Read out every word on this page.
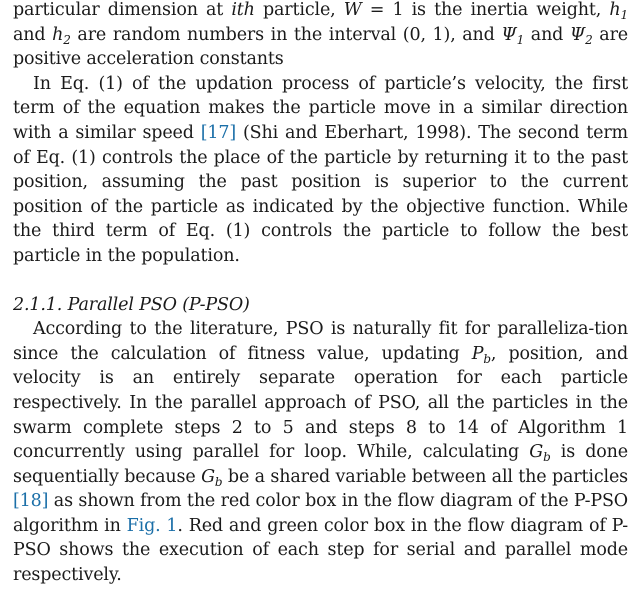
particular dimension at ith particle, W = 1 is the inertia weight, $h_1$ and $h_2$ are random numbers in the interval (0, 1), and $\Psi_1$ and $\Psi_2$ are positive acceleration constants

In Eq. (1) of the updation process of particle’s velocity, the first term of the equation makes the particle move in a similar direction with a similar speed [17] (Shi and Eberhart, 1998). The second term of Eq. (1) controls the place of the particle by returning it to the past position, assuming the past position is superior to the current position of the particle as indicated by the objective function. While the third term of Eq. (1) controls the particle to follow the best particle in the population.

2.1.1. Parallel PSO (P-PSO)

According to the literature, PSO is naturally fit for paralleliza-tion since the calculation of fitness value, updating $P_b$, position, and velocity is an entirely separate operation for each particle respectively. In the parallel approach of PSO, all the particles in the swarm complete steps 2 to 5 and steps 8 to 14 of Algorithm 1 concurrently using parallel for loop. While, calculating $G_b$ is done sequentially because $G_b$ be a shared variable between all the particles [18] as shown from the red color box in the flow diagram of the P-PSO algorithm in Fig. 1. Red and green color box in the flow diagram of P-PSO shows the execution of each step for serial and parallel mode respectively.
